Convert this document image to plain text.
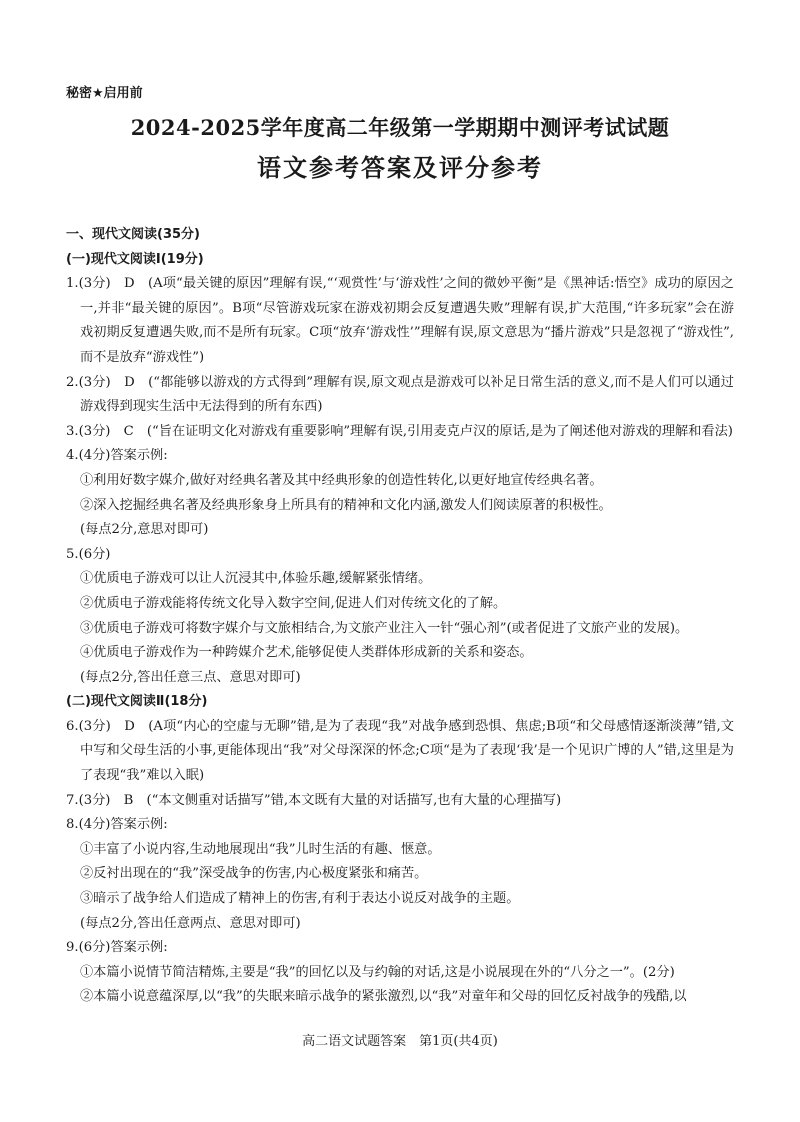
秘密★启用前
2024-2025学年度高二年级第一学期期中测评考试试题
语文参考答案及评分参考

一、现代文阅读(35分)

(一)现代文阅读Ⅰ(19分)

1.(3分)　D　(A项“最关键的原因”理解有误,“‘观赏性’与‘游戏性’之间的微妙平衡”是《黑神话:悟空》成功的原因之一,并非“最关键的原因”。B项“尽管游戏玩家在游戏初期会反复遭遇失败”理解有误,扩大范围,“许多玩家”会在游戏初期反复遭遇失败,而不是所有玩家。C项“放弃‘游戏性’”理解有误,原文意思为“播片游戏”只是忽视了“游戏性”,而不是放弃“游戏性”)

2.(3分)　D　(“都能够以游戏的方式得到”理解有误,原文观点是游戏可以补足日常生活的意义,而不是人们可以通过游戏得到现实生活中无法得到的所有东西)

3.(3分)　C　(“旨在证明文化对游戏有重要影响”理解有误,引用麦克卢汉的原话,是为了阐述他对游戏的理解和看法)

4.(4分)答案示例:

①利用好数字媒介,做好对经典名著及其中经典形象的创造性转化,以更好地宣传经典名著。

②深入挖掘经典名著及经典形象身上所具有的精神和文化内涵,激发人们阅读原著的积极性。

(每点2分,意思对即可)

5.(6分)

①优质电子游戏可以让人沉浸其中,体验乐趣,缓解紧张情绪。

②优质电子游戏能将传统文化导入数字空间,促进人们对传统文化的了解。

③优质电子游戏可将数字媒介与文旅相结合,为文旅产业注入一针“强心剂”(或者促进了文旅产业的发展)。

④优质电子游戏作为一种跨媒介艺术,能够促使人类群体形成新的关系和姿态。

(每点2分,答出任意三点、意思对即可)

(二)现代文阅读Ⅱ(18分)

6.(3分)　D　(A项“内心的空虚与无聊”错,是为了表现“我”对战争感到恐惧、焦虑;B项“和父母感情逐渐淡薄”错,文中写和父母生活的小事,更能体现出“我”对父母深深的怀念;C项“是为了表现‘我’是一个见识广博的人”错,这里是为了表现“我”难以入眠)

7.(3分)　B　(“本文侧重对话描写”错,本文既有大量的对话描写,也有大量的心理描写)

8.(4分)答案示例:

①丰富了小说内容,生动地展现出“我”儿时生活的有趣、惬意。

②反衬出现在的“我”深受战争的伤害,内心极度紧张和痛苦。

③暗示了战争给人们造成了精神上的伤害,有利于表达小说反对战争的主题。

(每点2分,答出任意两点、意思对即可)

9.(6分)答案示例:

①本篇小说情节简洁精炼,主要是“我”的回忆以及与约翰的对话,这是小说展现在外的“八分之一”。(2分)

②本篇小说意蕴深厚,以“我”的失眠来暗示战争的紧张激烈,以“我”对童年和父母的回忆反衬战争的残酷,以

高二语文试题答案　第1页(共4页)
